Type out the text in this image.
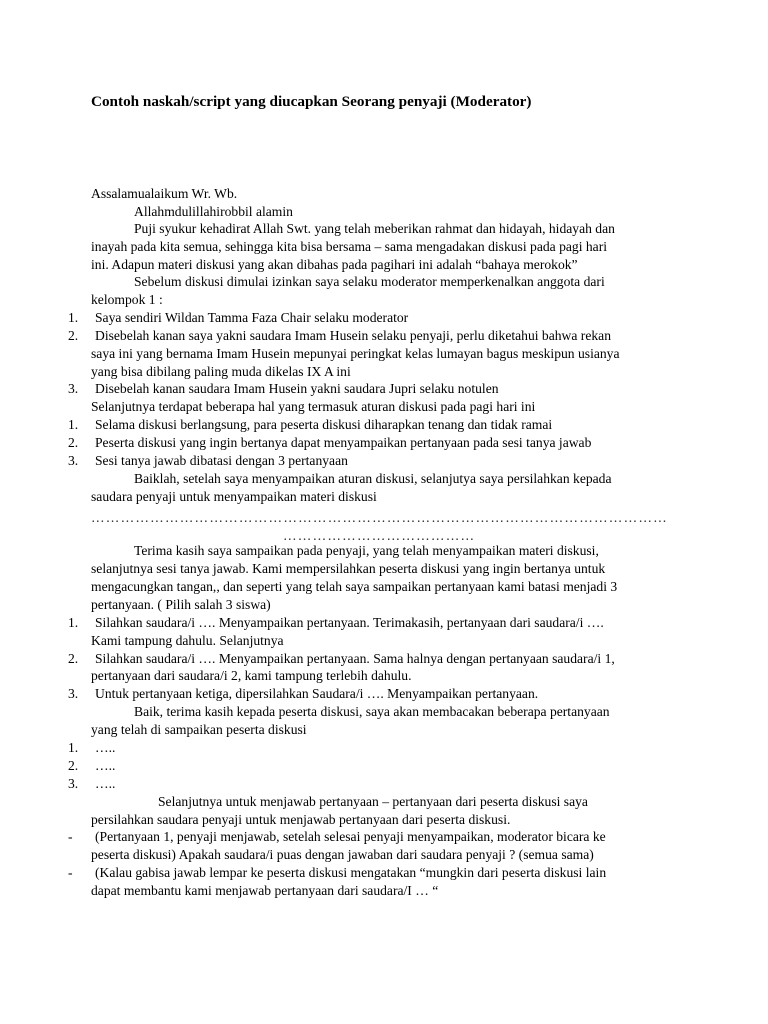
Contoh naskah/script yang diucapkan Seorang penyaji (Moderator)
Assalamualaikum Wr. Wb.
Allahmdulillahirobbil alamin
Puji syukur kehadirat Allah Swt. yang telah meberikan rahmat dan hidayah, hidayah dan
inayah pada kita semua, sehingga kita bisa bersama – sama mengadakan diskusi pada pagi hari
ini. Adapun materi diskusi yang akan dibahas pada pagihari ini adalah “bahaya merokok”
Sebelum diskusi dimulai izinkan saya selaku moderator memperkenalkan anggota dari
kelompok 1 :
1. Saya sendiri Wildan Tamma Faza Chair selaku moderator
2. Disebelah kanan saya yakni saudara Imam Husein selaku penyaji, perlu diketahui bahwa rekan
saya ini yang bernama Imam Husein mepunyai peringkat kelas lumayan bagus meskipun usianya
yang bisa dibilang paling muda dikelas IX A ini
3. Disebelah kanan saudara Imam Husein yakni saudara Jupri selaku notulen
Selanjutnya terdapat beberapa hal yang termasuk aturan diskusi pada pagi hari ini
1. Selama diskusi berlangsung, para peserta diskusi diharapkan tenang dan tidak ramai
2. Peserta diskusi yang ingin bertanya dapat menyampaikan pertanyaan pada sesi tanya jawab
3. Sesi tanya jawab dibatasi dengan 3 pertanyaan
Baiklah, setelah saya menyampaikan aturan diskusi, selanjutya saya persilahkan kepada
saudara penyaji untuk menyampaikan materi diskusi
………………………………………………………………………………………………………
…………………………………
Terima kasih saya sampaikan pada penyaji, yang telah menyampaikan materi diskusi,
selanjutnya sesi tanya jawab. Kami mempersilahkan peserta diskusi yang ingin bertanya untuk
mengacungkan tangan,, dan seperti yang telah saya sampaikan pertanyaan kami batasi menjadi 3
pertanyaan. ( Pilih salah 3 siswa)
1. Silahkan saudara/i …. Menyampaikan pertanyaan. Terimakasih, pertanyaan dari saudara/i ….
Kami tampung dahulu. Selanjutnya
2. Silahkan saudara/i …. Menyampaikan pertanyaan. Sama halnya dengan pertanyaan saudara/i 1,
pertanyaan dari saudara/i 2, kami tampung terlebih dahulu.
3. Untuk pertanyaan ketiga, dipersilahkan Saudara/i …. Menyampaikan pertanyaan.
Baik, terima kasih kepada peserta diskusi, saya akan membacakan beberapa pertanyaan
yang telah di sampaikan peserta diskusi
1. …..
2. …..
3. …..
Selanjutnya untuk menjawab pertanyaan – pertanyaan dari peserta diskusi saya
persilahkan saudara penyaji untuk menjawab pertanyaan dari peserta diskusi.
- (Pertanyaan 1, penyaji menjawab, setelah selesai penyaji menyampaikan, moderator bicara ke
peserta diskusi) Apakah saudara/i puas dengan jawaban dari saudara penyaji ? (semua sama)
- (Kalau gabisa jawab lempar ke peserta diskusi mengatakan “mungkin dari peserta diskusi lain
dapat membantu kami menjawab pertanyaan dari saudara/I … “
